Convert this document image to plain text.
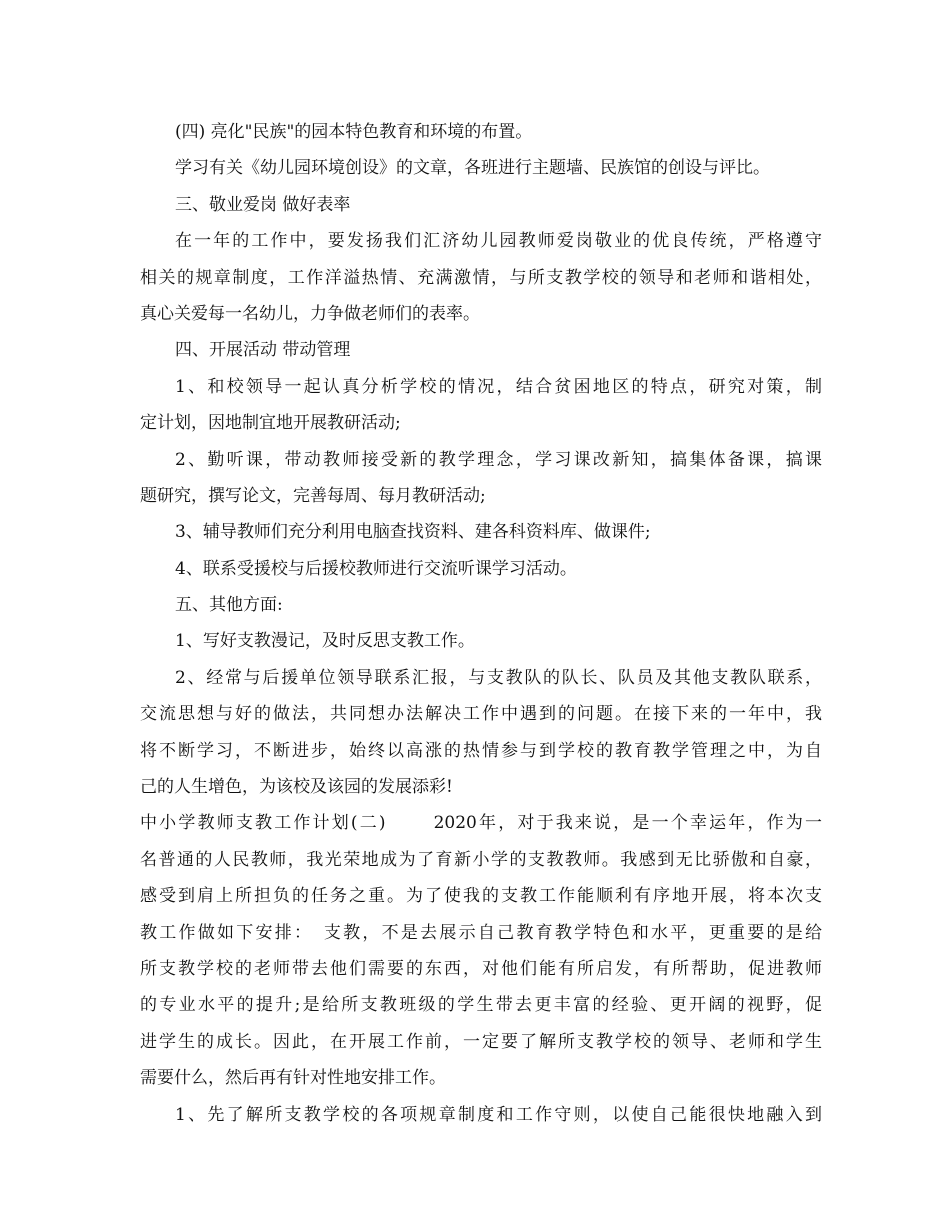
(四) 亮化"民族"的园本特色教育和环境的布置。
学习有关《幼儿园环境创设》的文章，各班进行主题墙、民族馆的创设与评比。
三、敬业爱岗 做好表率
在一年的工作中，要发扬我们汇济幼儿园教师爱岗敬业的优良传统，严格遵守
相关的规章制度，工作洋溢热情、充满激情，与所支教学校的领导和老师和谐相处，
真心关爱每一名幼儿，力争做老师们的表率。
四、开展活动 带动管理
1、和校领导一起认真分析学校的情况，结合贫困地区的特点，研究对策，制
定计划，因地制宜地开展教研活动;
2、勤听课，带动教师接受新的教学理念，学习课改新知，搞集体备课，搞课
题研究，撰写论文，完善每周、每月教研活动;
3、辅导教师们充分利用电脑查找资料、建各科资料库、做课件;
4、联系受援校与后援校教师进行交流听课学习活动。
五、其他方面:
1、写好支教漫记，及时反思支教工作。
2、经常与后援单位领导联系汇报，与支教队的队长、队员及其他支教队联系，
交流思想与好的做法，共同想办法解决工作中遇到的问题。在接下来的一年中，我
将不断学习，不断进步，始终以高涨的热情参与到学校的教育教学管理之中，为自
己的人生增色，为该校及该园的发展添彩!
中小学教师支教工作计划(二)　　 2020年，对于我来说，是一个幸运年，作为一
名普通的人民教师，我光荣地成为了育新小学的支教教师。我感到无比骄傲和自豪，
感受到肩上所担负的任务之重。为了使我的支教工作能顺利有序地开展，将本次支
教工作做如下安排：　支教，不是去展示自己教育教学特色和水平，更重要的是给
所支教学校的老师带去他们需要的东西，对他们能有所启发，有所帮助，促进教师
的专业水平的提升;是给所支教班级的学生带去更丰富的经验、更开阔的视野，促
进学生的成长。因此，在开展工作前，一定要了解所支教学校的领导、老师和学生
需要什么，然后再有针对性地安排工作。
1、先了解所支教学校的各项规章制度和工作守则，以使自己能很快地融入到
